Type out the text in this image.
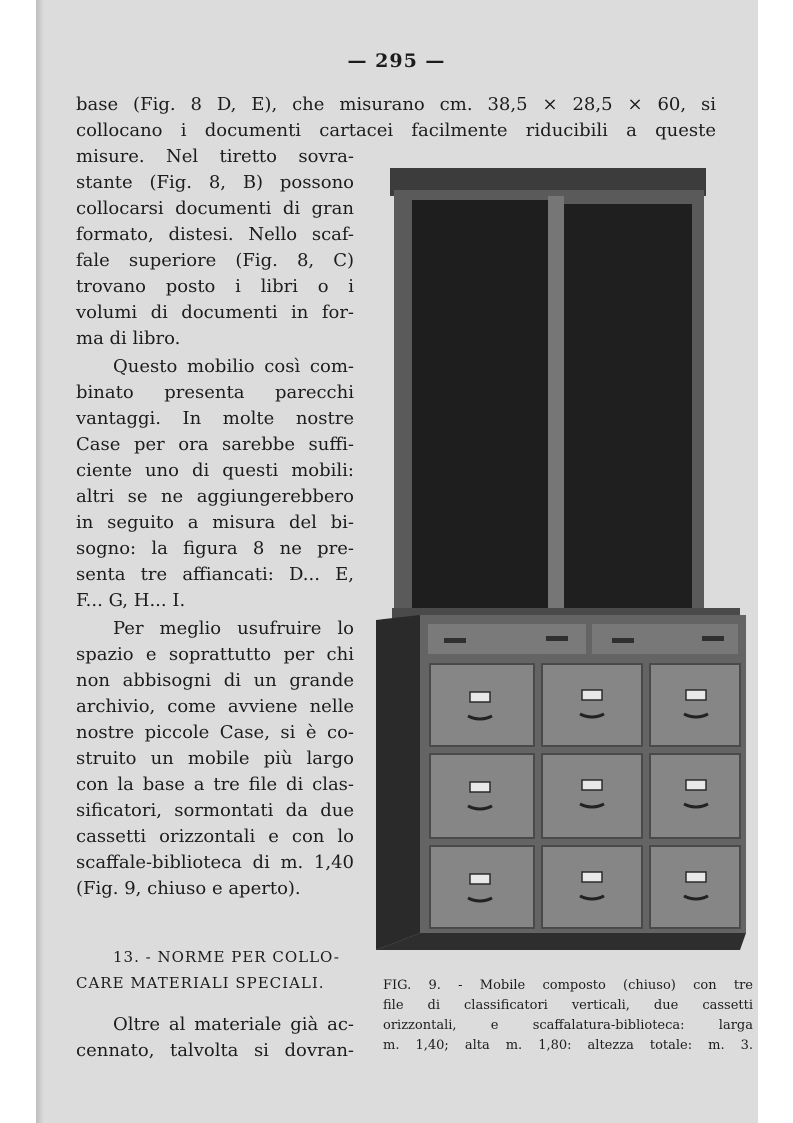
— 295 —
base (Fig. 8 D, E), che misurano cm. 38,5 × 28,5 × 60, si
collocano i documenti cartacei facilmente riducibili a queste
misure. Nel tiretto sovra-
stante (Fig. 8, B) possono
collocarsi documenti di gran
formato, distesi. Nello scaf-
fale superiore (Fig. 8, C)
trovano posto i libri o i
volumi di documenti in for-
ma di libro.
Questo mobilio così com-
binato presenta parecchi
vantaggi. In molte nostre
Case per ora sarebbe suffi-
ciente uno di questi mobili:
altri se ne aggiungerebbero
in seguito a misura del bi-
sogno: la figura 8 ne pre-
senta tre affiancati: D... E,
F... G, H... I.
Per meglio usufruire lo
spazio e soprattutto per chi
non abbisogni di un grande
archivio, come avviene nelle
nostre piccole Case, si è co-
struito un mobile più largo
con la base a tre file di clas-
sificatori, sormontati da due
cassetti orizzontali e con lo
scaffale-biblioteca di m. 1,40
(Fig. 9, chiuso e aperto).
13. - NORME PER COLLO-
CARE MATERIALI SPECIALI.
Oltre al materiale già ac-
cennato, talvolta si dovran-
FIG. 9. - Mobile composto (chiuso) con tre
file di classificatori verticali, due cassetti
orizzontali, e scaffalatura-biblioteca: larga
m. 1,40; alta m. 1,80: altezza totale: m. 3.
